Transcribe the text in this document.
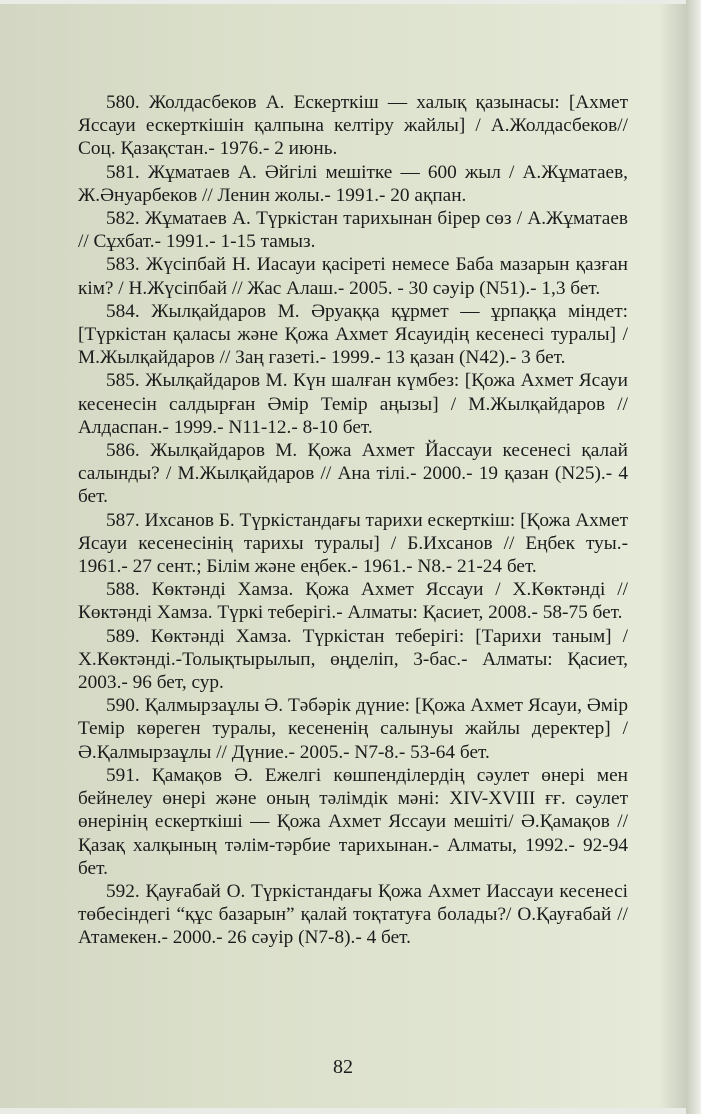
580. Жолдасбеков А. Ескерткіш — халық қазынасы: [Ахмет Яссауи ескерткішін қалпына келтіру жайлы] / А.Жолдасбеков// Соц. Қазақстан.- 1976.- 2 июнь.

581. Жұматаев А. Әйгілі мешітке — 600 жыл / А.Жұматаев, Ж.Әнуарбеков // Ленин жолы.- 1991.- 20 ақпан.

582. Жұматаев А. Түркістан тарихынан бірер сөз / А.Жұматаев // Сұхбат.- 1991.- 1-15 тамыз.

583. Жүсіпбай Н. Иасауи қасіреті немесе Баба мазарын қазған кім? / Н.Жүсіпбай // Жас Алаш.- 2005. - 30 сәуір (N51).- 1,3 бет.

584. Жылқайдаров М. Әруаққа құрмет — ұрпаққа міндет: [Түркістан қаласы және Қожа Ахмет Ясауидің кесенесі туралы] / М.Жылқайдаров // Заң газеті.- 1999.- 13 қазан (N42).- 3 бет.

585. Жылқайдаров М. Күн шалған күмбез: [Қожа Ахмет Ясауи кесенесін салдырған Әмір Темір аңызы] / М.Жылқайдаров // Алдаспан.- 1999.- N11-12.- 8-10 бет.

586. Жылқайдаров М. Қожа Ахмет Йассауи кесенесі қалай салынды? / М.Жылқайдаров // Ана тілі.- 2000.- 19 қазан (N25).- 4 бет.

587. Ихсанов Б. Түркістандағы тарихи ескерткіш: [Қожа Ахмет Ясауи кесенесінің тарихы туралы] / Б.Ихсанов // Еңбек туы.- 1961.- 27 сент.; Білім және еңбек.- 1961.- N8.- 21-24 бет.

588. Көктәнді Хамза. Қожа Ахмет Яссауи / Х.Көктәнді // Көктәнді Хамза. Түркі теберігі.- Алматы: Қасиет, 2008.- 58-75 бет.

589. Көктәнді Хамза. Түркістан теберігі: [Тарихи таным] / Х.Көктәнді.-Толықтырылып, өңделіп, 3-бас.- Алматы: Қасиет, 2003.- 96 бет, сур.

590. Қалмырзаұлы Ә. Тәбәрік дүние: [Қожа Ахмет Ясауи, Әмір Темір көреген туралы, кесененің салынуы жайлы деректер] / Ә.Қалмырзаұлы // Дүние.- 2005.- N7-8.- 53-64 бет.

591. Қамақов Ә. Ежелгі көшпенділердің сәулет өнері мен бейнелеу өнері және оның тәлімдік мәні: XIV-XVIII ғғ. сәулет өнерінің ескерткіші — Қожа Ахмет Яссауи мешіті/ Ә.Қамақов // Қазақ халқының тәлім-тәрбие тарихынан.- Алматы, 1992.- 92-94 бет.

592. Қауғабай О. Түркістандағы Қожа Ахмет Иассауи кесенесі төбесіндегі “құс базарын” қалай тоқтатуға болады?/ О.Қауғабай // Атамекен.- 2000.- 26 сәуір (N7-8).- 4 бет.

82
